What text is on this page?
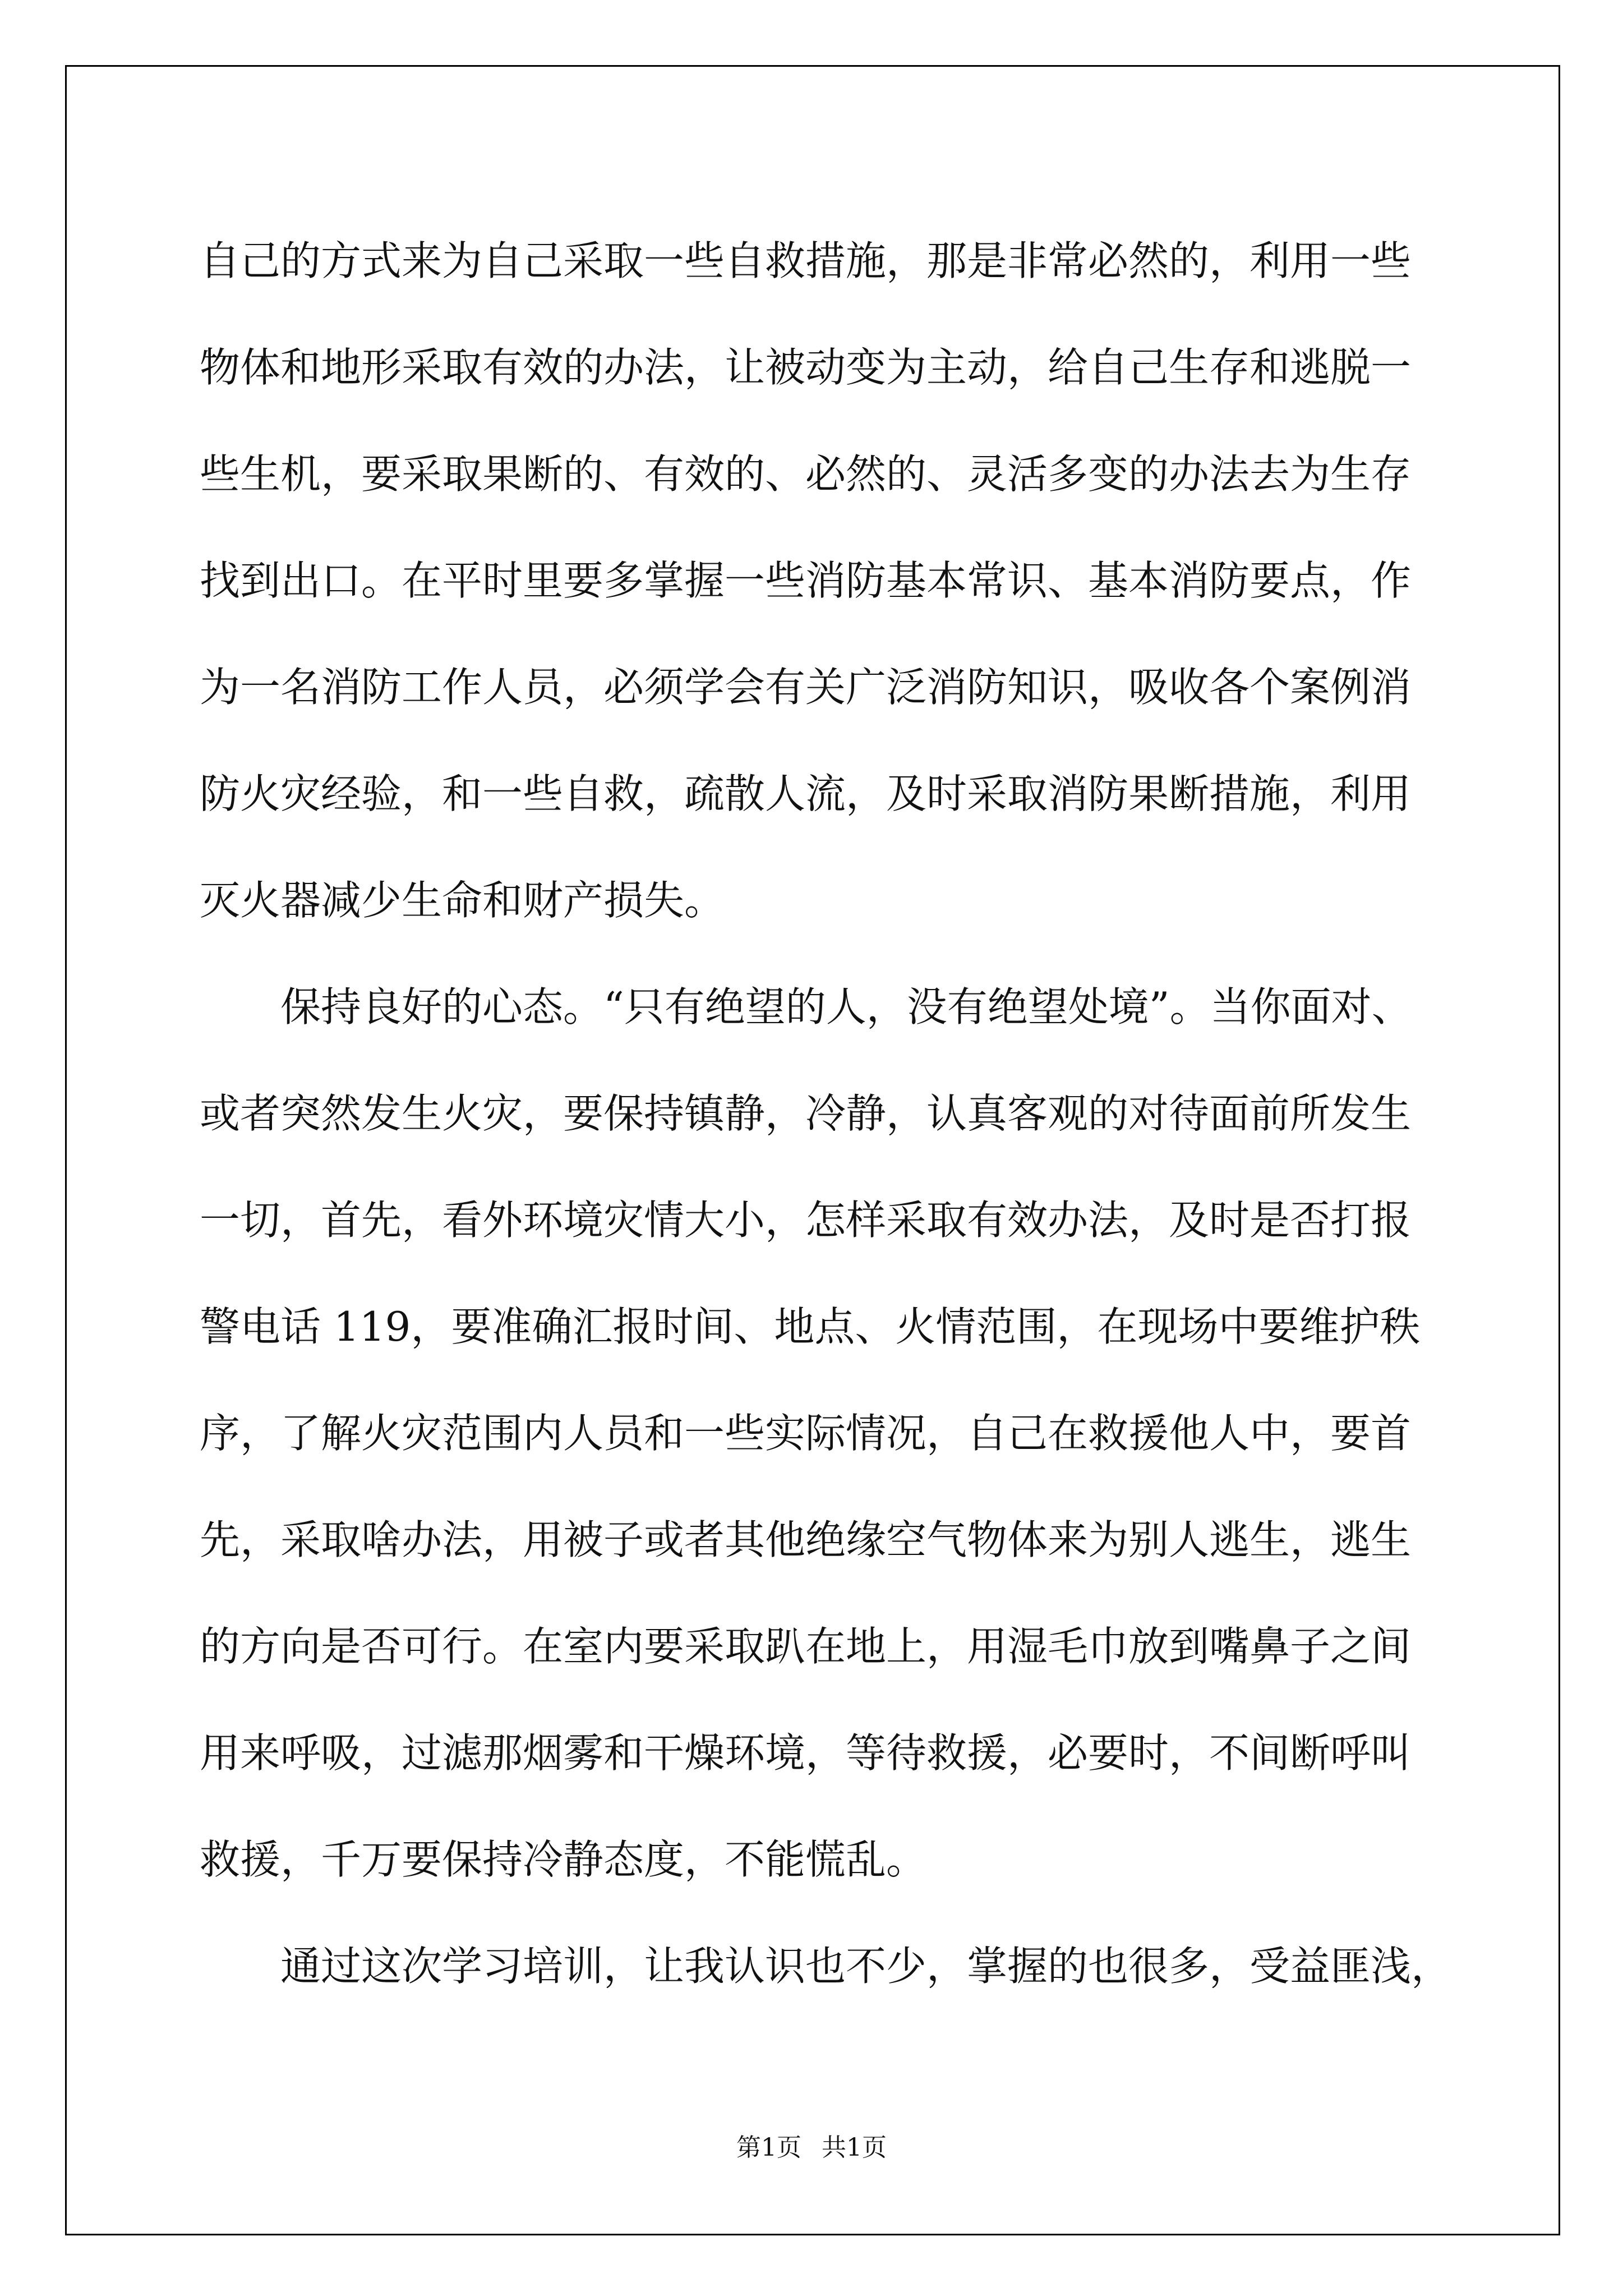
自己的方式来为自己采取一些自救措施，那是非常必然的，利用一些
物体和地形采取有效的办法，让被动变为主动，给自己生存和逃脱一
些生机，要采取果断的、有效的、必然的、灵活多变的办法去为生存
找到出口。在平时里要多掌握一些消防基本常识、基本消防要点，作
为一名消防工作人员，必须学会有关广泛消防知识，吸收各个案例消
防火灾经验，和一些自救，疏散人流，及时采取消防果断措施，利用
灭火器减少生命和财产损失。
　　保持良好的心态。“只有绝望的人，没有绝望处境”。当你面对、
或者突然发生火灾，要保持镇静，冷静，认真客观的对待面前所发生
一切，首先，看外环境灾情大小，怎样采取有效办法，及时是否打报
警电话 119，要准确汇报时间、地点、火情范围，在现场中要维护秩
序，了解火灾范围内人员和一些实际情况，自己在救援他人中，要首
先，采取啥办法，用被子或者其他绝缘空气物体来为别人逃生，逃生
的方向是否可行。在室内要采取趴在地上，用湿毛巾放到嘴鼻子之间
用来呼吸，过滤那烟雾和干燥环境，等待救援，必要时，不间断呼叫
救援，千万要保持冷静态度，不能慌乱。
　　通过这次学习培训，让我认识也不少，掌握的也很多，受益匪浅，
第1页 共1页
